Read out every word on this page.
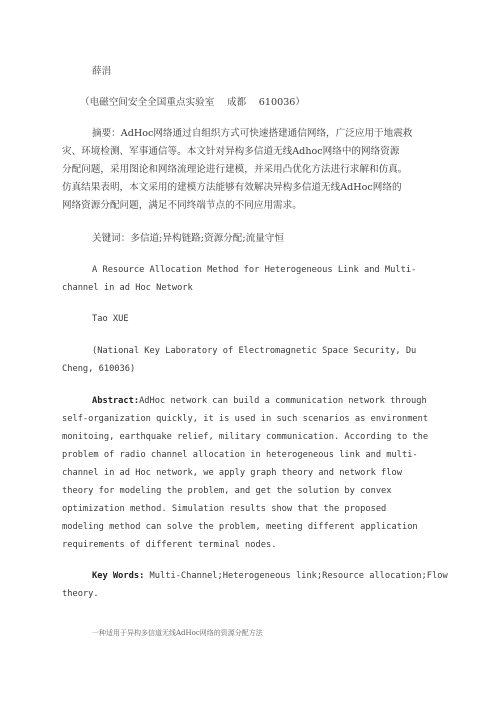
薛涓
（电磁空间安全全国重点实验室　 成都　 610036）
摘要：AdHoc网络通过自组织方式可快速搭建通信网络，广泛应用于地震救
灾、环境检测、军事通信等。本文针对异构多信道无线Adhoc网络中的网络资源
分配问题，采用图论和网络流理论进行建模，并采用凸优化方法进行求解和仿真。
仿真结果表明，本文采用的建模方法能够有效解决异构多信道无线AdHoc网络的
网络资源分配问题，满足不同终端节点的不同应用需求。
关键词：多信道;异构链路;资源分配;流量守恒
A Resource Allocation Method for Heterogeneous Link and Multi-
channel in ad Hoc Network
Tao XUE
(National Key Laboratory of Electromagnetic Space Security, Du
Cheng, 610036)
Abstract:AdHoc network can build a communication network through
self-organization quickly, it is used in such scenarios as environment
monitoing, earthquake relief, military communication. According to the
problem of radio channel allocation in heterogeneous link and multi-
channel in ad Hoc network, we apply graph theory and network flow
theory for modeling the problem, and get the solution by convex
optimization method. Simulation results show that the proposed
modeling method can solve the problem, meeting different application
requirements of different terminal nodes.
Key Words: Multi-Channel;Heterogeneous link;Resource allocation;Flow
theory.
一种适用于异构多信道无线AdHoc网络的资源分配方法
